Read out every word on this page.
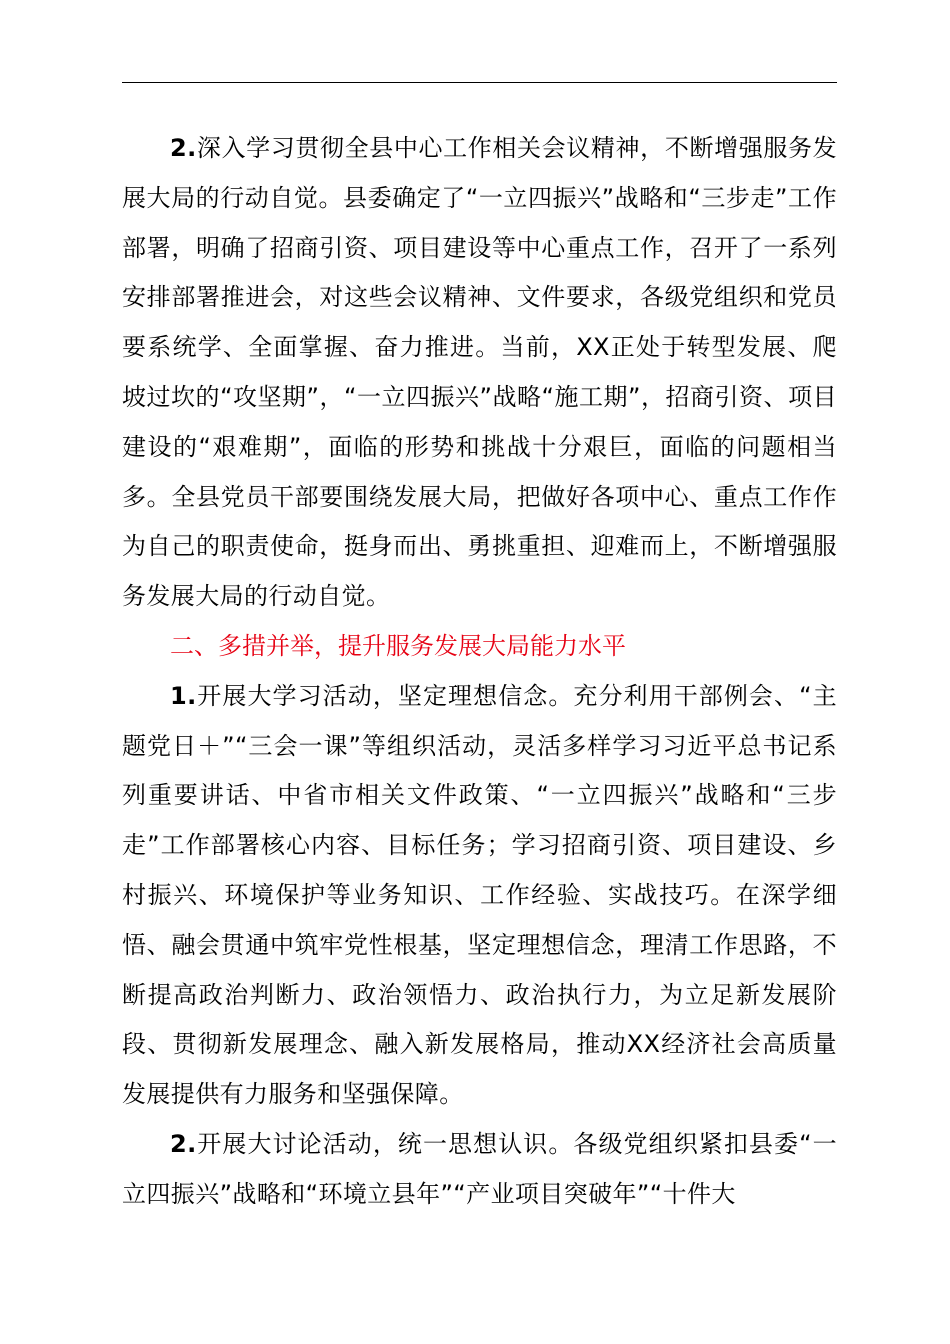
2.深入学习贯彻全县中心工作相关会议精神，不断增强服务发展大局的行动自觉。县委确定了“一立四振兴”战略和“三步走”工作部署，明确了招商引资、项目建设等中心重点工作，召开了一系列安排部署推进会，对这些会议精神、文件要求，各级党组织和党员要系统学、全面掌握、奋力推进。当前，XX正处于转型发展、爬坡过坎的“攻坚期”，“一立四振兴”战略“施工期”，招商引资、项目建设的“艰难期”，面临的形势和挑战十分艰巨，面临的问题相当多。全县党员干部要围绕发展大局，把做好各项中心、重点工作作为自己的职责使命，挺身而出、勇挑重担、迎难而上，不断增强服务发展大局的行动自觉。

二、多措并举，提升服务发展大局能力水平

1.开展大学习活动，坚定理想信念。充分利用干部例会、“主题党日＋”“三会一课”等组织活动，灵活多样学习习近平总书记系列重要讲话、中省市相关文件政策、“一立四振兴”战略和“三步走”工作部署核心内容、目标任务；学习招商引资、项目建设、乡村振兴、环境保护等业务知识、工作经验、实战技巧。在深学细悟、融会贯通中筑牢党性根基，坚定理想信念，理清工作思路，不断提高政治判断力、政治领悟力、政治执行力，为立足新发展阶段、贯彻新发展理念、融入新发展格局，推动XX经济社会高质量发展提供有力服务和坚强保障。

2.开展大讨论活动，统一思想认识。各级党组织紧扣县委“一立四振兴”战略和“环境立县年”“产业项目突破年”“十件大
